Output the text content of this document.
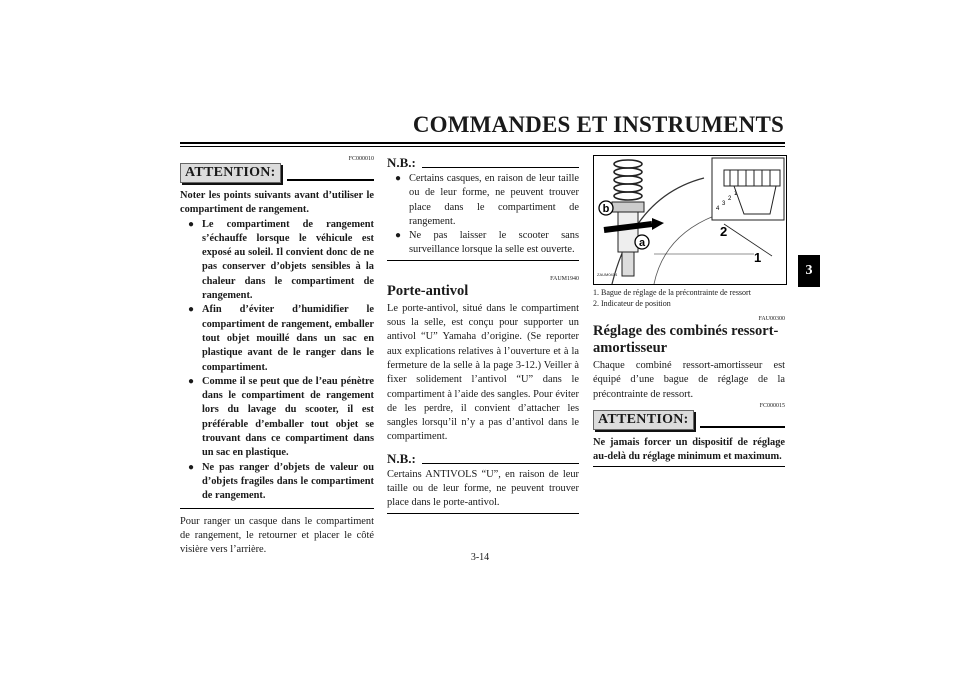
COMMANDES ET INSTRUMENTS
3
FC000010
ATTENTION:
Noter les points suivants avant d’utiliser le compartiment de rangement.
● Le compartiment de rangement s’échauffe lorsque le véhicule est exposé au soleil. Il convient donc de ne pas conserver d’objets sensibles à la chaleur dans le compartiment de rangement.
● Afin d’éviter d’humidifier le compartiment de rangement, emballer tout objet mouillé dans un sac en plastique avant de le ranger dans le compartiment.
● Comme il se peut que de l’eau pénètre dans le compartiment de rangement lors du lavage du scooter, il est préférable d’emballer tout objet se trouvant dans ce compartiment dans un sac en plastique.
● Ne pas ranger d’objets de valeur ou d’objets fragiles dans le compartiment de rangement.
Pour ranger un casque dans le compartiment de rangement, le retourner et placer le côté visière vers l’arrière.
N.B.:
● Certains casques, en raison de leur taille ou de leur forme, ne peuvent trouver place dans le compartiment de rangement.
● Ne pas laisser le scooter sans surveillance lorsque la selle est ouverte.
FAUM1940
Porte-antivol
Le porte-antivol, situé dans le compartiment sous la selle, est conçu pour supporter un antivol “U” Yamaha d’origine. (Se reporter aux explications relatives à l’ouverture et à la fermeture de la selle à la page 3-12.) Veiller à fixer solidement l’antivol “U” dans le compartiment à l’aide des sangles. Pour éviter de les perdre, il convient d’attacher les sangles lorsqu’il n’y a pas d’antivol dans le compartiment.
N.B.:
Certains ANTIVOLS “U”, en raison de leur taille ou de leur forme, ne peuvent trouver place dans le porte-antivol.
b
a
2
1
4
3
2
1
ZAUM0414
1. Bague de réglage de la précontrainte de ressort
2. Indicateur de position
FAU00300
Réglage des combinés ressort-amortisseur
Chaque combiné ressort-amortisseur est équipé d’une bague de réglage de la précontrainte de ressort.
FC000015
ATTENTION:
Ne jamais forcer un dispositif de réglage au-delà du réglage minimum et maximum.
3-14
